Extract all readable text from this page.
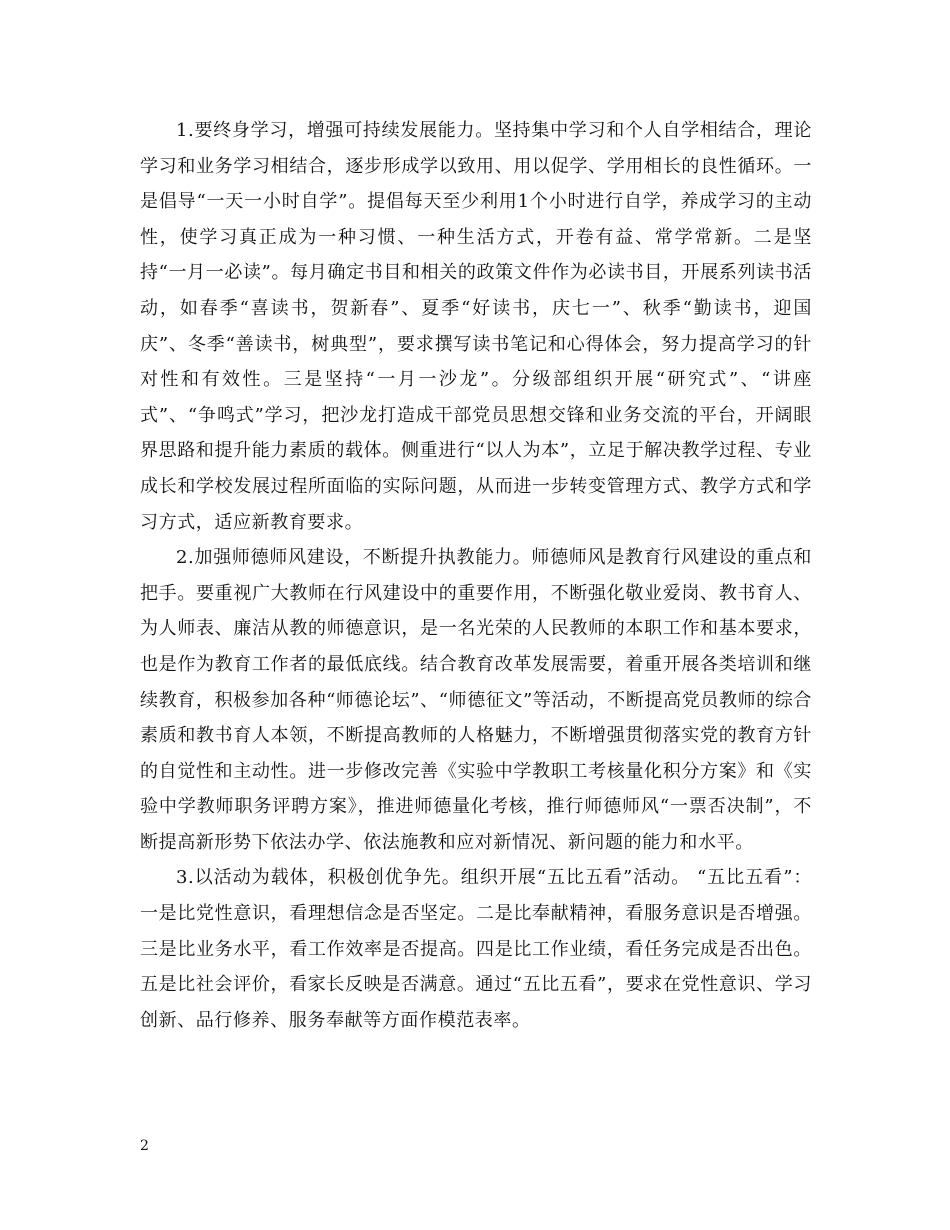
1.要终身学习，增强可持续发展能力。坚持集中学习和个人自学相结合，理论学习和业务学习相结合，逐步形成学以致用、用以促学、学用相长的良性循环。一是倡导“一天一小时自学”。提倡每天至少利用1个小时进行自学，养成学习的主动性，使学习真正成为一种习惯、一种生活方式，开卷有益、常学常新。二是坚持“一月一必读”。每月确定书目和相关的政策文件作为必读书目，开展系列读书活动，如春季“喜读书，贺新春”、夏季“好读书，庆七一”、秋季“勤读书，迎国庆”、冬季“善读书，树典型”，要求撰写读书笔记和心得体会，努力提高学习的针对性和有效性。三是坚持“一月一沙龙”。分级部组织开展“研究式”、“讲座式”、“争鸣式”学习，把沙龙打造成干部党员思想交锋和业务交流的平台，开阔眼界思路和提升能力素质的载体。侧重进行“以人为本”，立足于解决教学过程、专业成长和学校发展过程所面临的实际问题，从而进一步转变管理方式、教学方式和学习方式，适应新教育要求。

2.加强师德师风建设，不断提升执教能力。师德师风是教育行风建设的重点和把手。要重视广大教师在行风建设中的重要作用，不断强化敬业爱岗、教书育人、为人师表、廉洁从教的师德意识，是一名光荣的人民教师的本职工作和基本要求，也是作为教育工作者的最低底线。结合教育改革发展需要，着重开展各类培训和继续教育，积极参加各种“师德论坛”、“师德征文”等活动，不断提高党员教师的综合素质和教书育人本领，不断提高教师的人格魅力，不断增强贯彻落实党的教育方针的自觉性和主动性。进一步修改完善《实验中学教职工考核量化积分方案》和《实验中学教师职务评聘方案》，推进师德量化考核，推行师德师风“一票否决制”，不断提高新形势下依法办学、依法施教和应对新情况、新问题的能力和水平。

3.以活动为载体，积极创优争先。组织开展“五比五看”活动。 “五比五看”：一是比党性意识，看理想信念是否坚定。二是比奉献精神，看服务意识是否增强。三是比业务水平，看工作效率是否提高。四是比工作业绩，看任务完成是否出色。五是比社会评价，看家长反映是否满意。通过“五比五看”，要求在党性意识、学习创新、品行修养、服务奉献等方面作模范表率。

2
